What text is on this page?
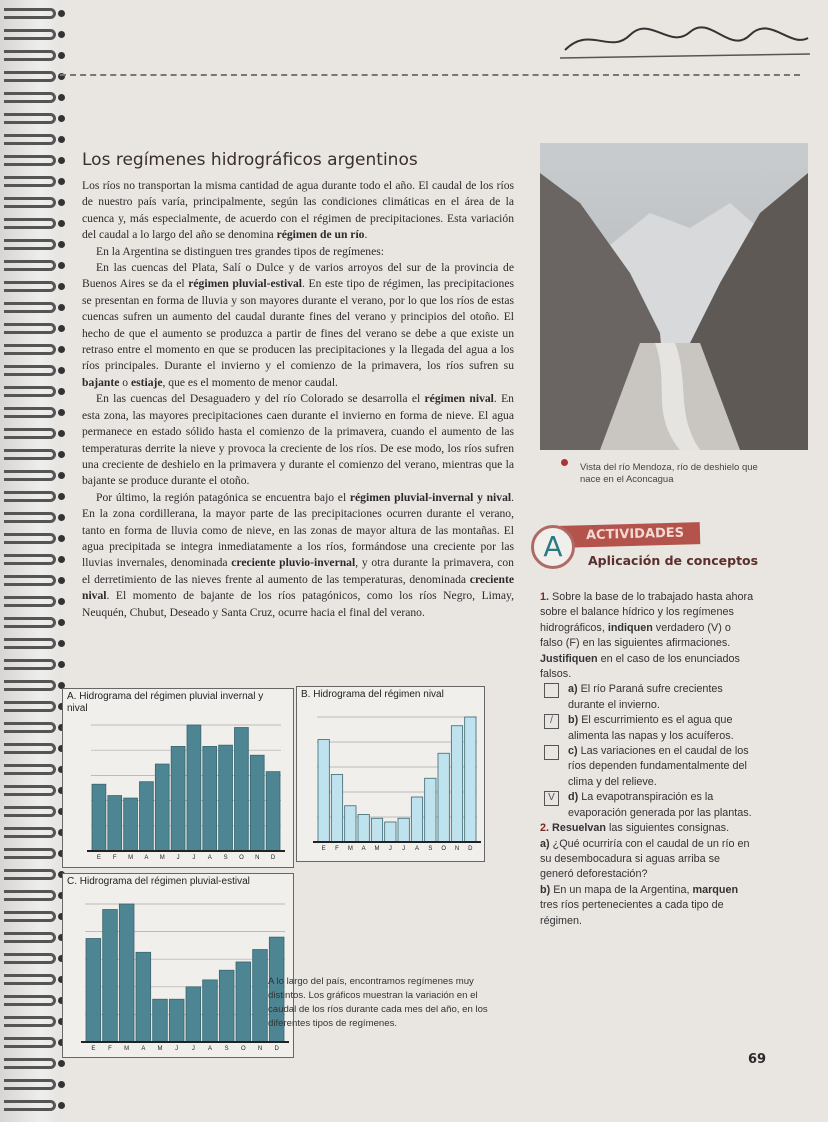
Los regímenes hidrográficos argentinos

Los ríos no transportan la misma cantidad de agua durante todo el año. El caudal de los ríos de nuestro país varía, principalmente, según las condiciones climáticas en el área de la cuenca y, más especialmente, de acuerdo con el régimen de precipitaciones. Esta variación del caudal a lo largo del año se denomina régimen de un río.

En la Argentina se distinguen tres grandes tipos de regímenes:

En las cuencas del Plata, Salí o Dulce y de varios arroyos del sur de la provincia de Buenos Aires se da el régimen pluvial-estival. En este tipo de régimen, las precipitaciones se presentan en forma de lluvia y son mayores durante el verano, por lo que los ríos de estas cuencas sufren un aumento del caudal durante fines del verano y principios del otoño. El hecho de que el aumento se produzca a partir de fines del verano se debe a que existe un retraso entre el momento en que se producen las precipitaciones y la llegada del agua a los ríos principales. Durante el invierno y el comienzo de la primavera, los ríos sufren su bajante o estiaje, que es el momento de menor caudal.

En las cuencas del Desaguadero y del río Colorado se desarrolla el régimen nival. En esta zona, las mayores precipitaciones caen durante el invierno en forma de nieve. El agua permanece en estado sólido hasta el comienzo de la primavera, cuando el aumento de las temperaturas derrite la nieve y provoca la creciente de los ríos. De ese modo, los ríos sufren una creciente de deshielo en la primavera y durante el comienzo del verano, mientras que la bajante se produce durante el otoño.

Por último, la región patagónica se encuentra bajo el régimen pluvial-invernal y nival. En la zona cordillerana, la mayor parte de las precipitaciones ocurren durante el verano, tanto en forma de lluvia como de nieve, en las zonas de mayor altura de las montañas. El agua precipitada se integra inmediatamente a los ríos, formándose una creciente por las lluvias invernales, denominada creciente pluvio-invernal, y otra durante la primavera, con el derretimiento de las nieves frente al aumento de las temperaturas, denominada creciente nival. El momento de bajante de los ríos patagónicos, como los ríos Negro, Limay, Neuquén, Chubut, Deseado y Santa Cruz, ocurre hacia el final del verano.

Vista del río Mendoza, río de deshielo que nace en el Aconcagua
ACTIVIDADES
A	Aplicación de conceptos

1. Sobre la base de lo trabajado hasta ahora sobre el balance hídrico y los regímenes hidrográficos, indiquen verdadero (V) o falso (F) en las siguientes afirmaciones. Justifiquen en el caso de los enunciados falsos.

a) El río Paraná sufre crecientes durante el invierno.
/	b) El escurrimiento es el agua que alimenta las napas y los acuíferos.
c) Las variaciones en el caudal de los ríos dependen fundamentalmente del clima y del relieve.
V	d) La evapotranspiración es la evaporación generada por las plantas.

2. Resuelvan las siguientes consignas.

a) ¿Qué ocurriría con el caudal de un río en su desembocadura si aguas arriba se generó deforestación?

b) En un mapa de la Argentina, marquen tres ríos pertenecientes a cada tipo de régimen.

E F M A M J J A S O N D
A. Hidrograma del régimen pluvial invernal y nival
E F M A M J J A S O N D
B. Hidrograma del régimen nival
E F M A M J J A S O N D
C. Hidrograma del régimen pluvial-estival
A lo largo del país, encontramos regímenes muy distintos. Los gráficos muestran la variación en el caudal de los ríos durante cada mes del año, en los diferentes tipos de regímenes.
69
